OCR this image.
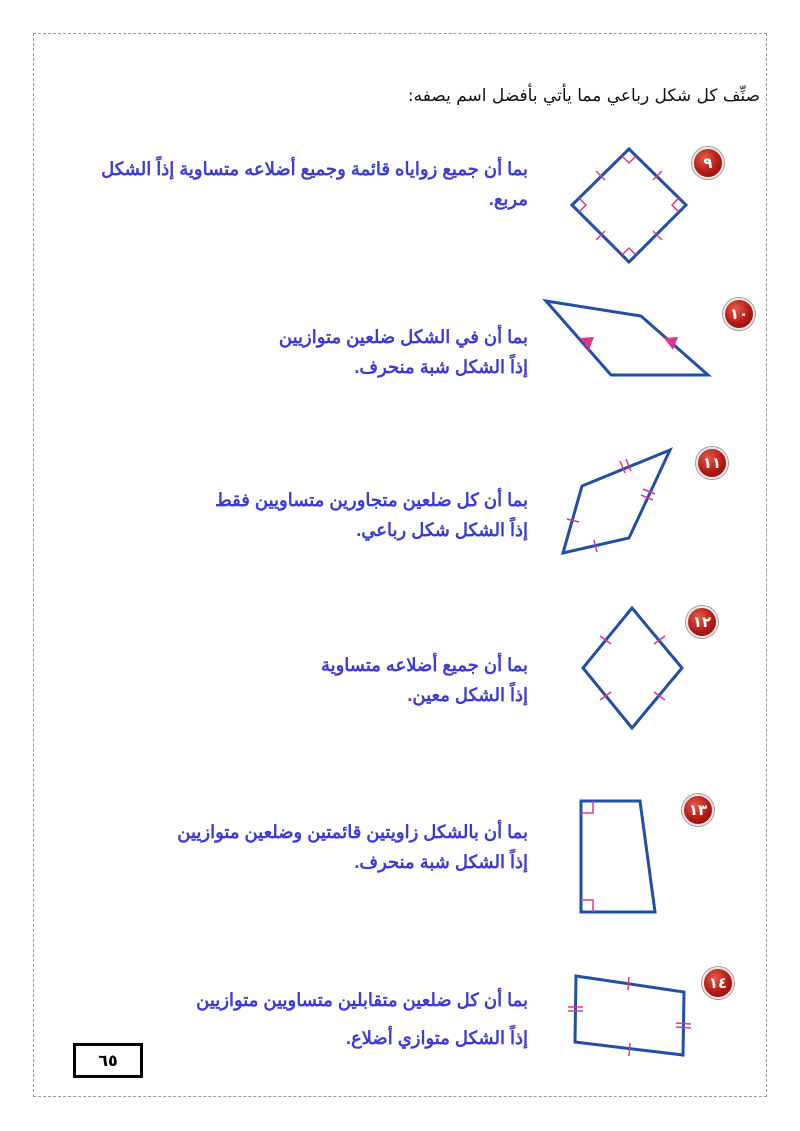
صنِّف كل شكل رباعي مما يأتي بأفضل اسم يصفه:
٩
بما أن جميع زواياه قائمة وجميع أضلاعه متساوية إذاً الشكل
مربع.
١٠
بما أن في الشكل ضلعين متوازيين
إذاً الشكل شبة منحرف.
١١
بما أن كل ضلعين متجاورين متساويين فقط
إذاً الشكل شكل رباعي.
١٢
بما أن جميع أضلاعه متساوية
إذاً الشكل معين.
١٣
بما أن بالشكل زاويتين قائمتين وضلعين متوازيين
إذاً الشكل شبة منحرف.
١٤
بما أن كل ضلعين متقابلين متساويين متوازيين
إذاً الشكل متوازي أضلاع.
٦٥
